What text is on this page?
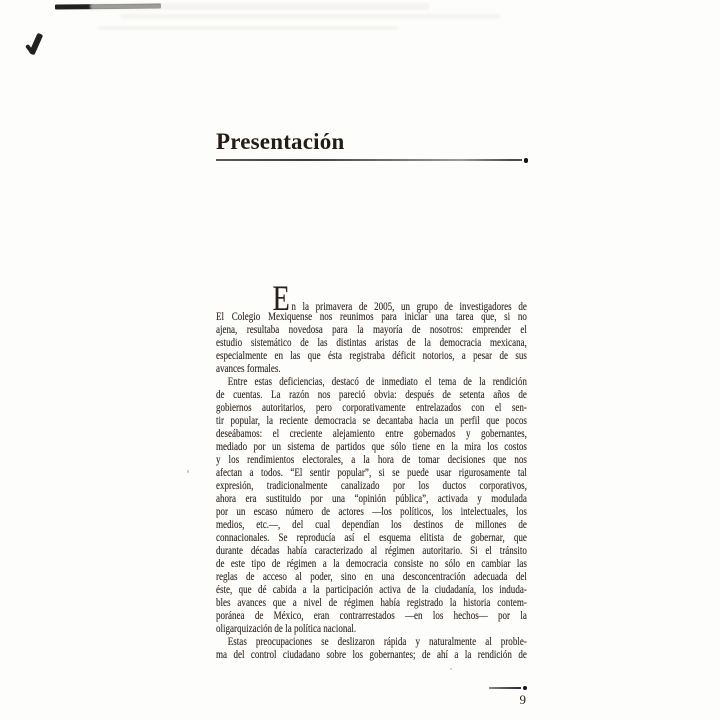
Presentación
En la primavera de 2005, un grupo de investigadores de
El Colegio Mexiquense nos reunimos para iniciar una tarea que, si no
ajena, resultaba novedosa para la mayoría de nosotros: emprender el
estudio sistemático de las distintas aristas de la democracia mexicana,
especialmente en las que ésta registraba déficit notorios, a pesar de sus
avances formales.
Entre estas deficiencias, destacó de inmediato el tema de la rendición
de cuentas. La razón nos pareció obvia: después de setenta años de
gobiernos autoritarios, pero corporativamente entrelazados con el sen-
tir popular, la reciente democracia se decantaba hacia un perfil que pocos
deseábamos: el creciente alejamiento entre gobernados y gobernantes,
mediado por un sistema de partidos que sólo tiene en la mira los costos
y los rendimientos electorales, a la hora de tomar decisiones que nos
afectan a todos. “El sentir popular”, si se puede usar rigurosamente tal
expresión, tradicionalmente canalizado por los ductos corporativos,
ahora era sustituido por una “opinión pública”, activada y modulada
por un escaso número de actores —los políticos, los intelectuales, los
medios, etc.—, del cual dependían los destinos de millones de
connacionales. Se reproducía así el esquema elitista de gobernar, que
durante décadas había caracterizado al régimen autoritario. Si el tránsito
de este tipo de régimen a la democracia consiste no sólo en cambiar las
reglas de acceso al poder, sino en una desconcentración adecuada del
éste, que dé cabida a la participación activa de la ciudadanía, los induda-
bles avances que a nivel de régimen había registrado la historia contem-
poránea de México, eran contrarrestados —en los hechos— por la
oligarquización de la política nacional.
Estas preocupaciones se deslizaron rápida y naturalmente al proble-
ma del control ciudadano sobre los gobernantes; de ahí a la rendición de
9
